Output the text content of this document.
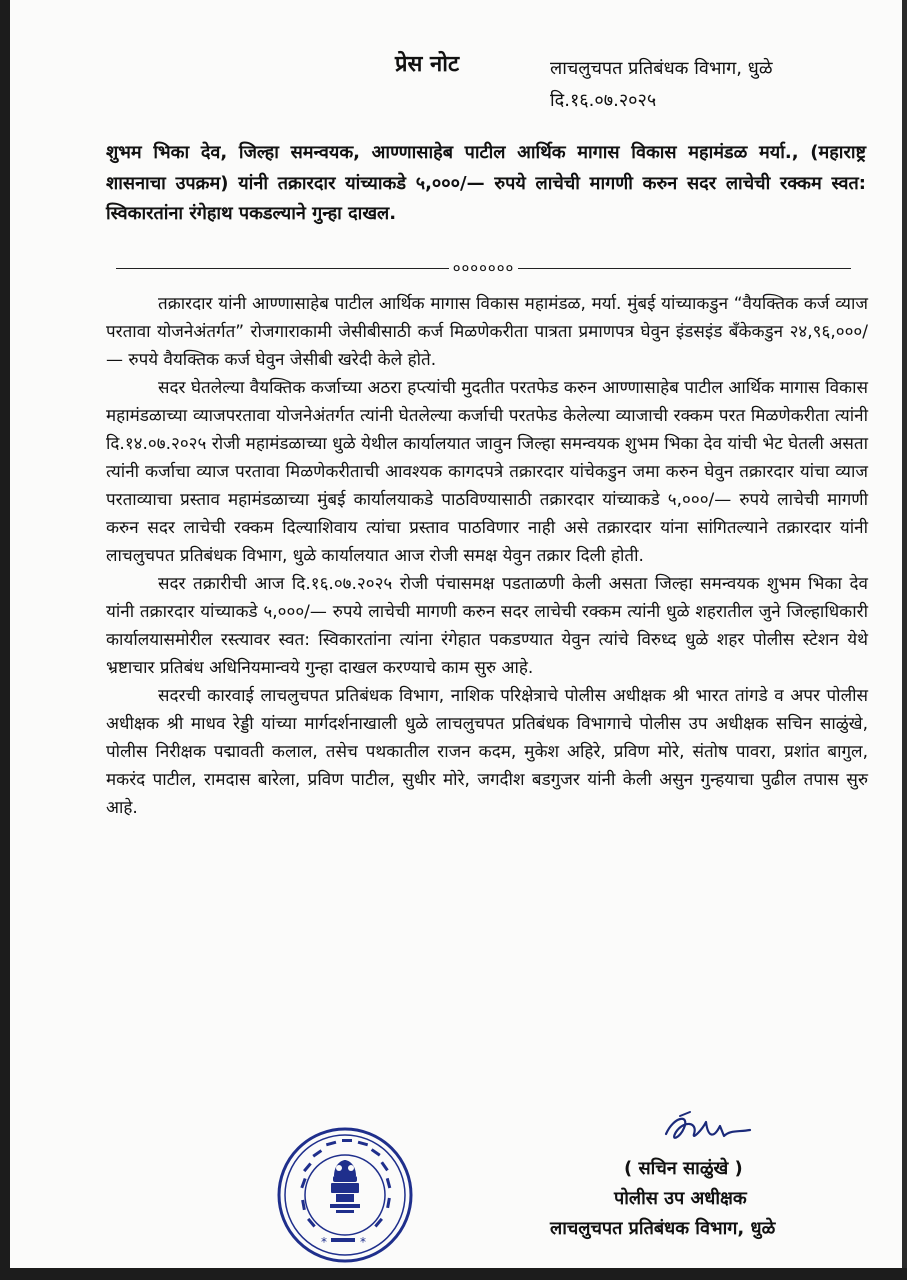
प्रेस नोट	लाचलुचपत प्रतिबंधक विभाग, धुळे
दि.१६.०७.२०२५
शुभम भिका देव, जिल्हा समन्वयक, आण्णासाहेब पाटील आर्थिक मागास विकास महामंडळ मर्या., (महाराष्ट्र शासनाचा उपक्रम) यांनी तक्रारदार यांच्याकडे ५,०००/— रुपये लाचेची मागणी करुन सदर लाचेची रक्कम स्वत: स्विकारतांना रंगेहाथ पकडल्याने गुन्हा दाखल.
०००००००

तक्रारदार यांनी आण्णासाहेब पाटील आर्थिक मागास विकास महामंडळ, मर्या. मुंबई यांच्याकडुन “वैयक्तिक कर्ज व्याज परतावा योजनेअंतर्गत” रोजगाराकामी जेसीबीसाठी कर्ज मिळणेकरीता पात्रता प्रमाणपत्र घेवुन इंडसइंड बॅंकेकडुन २४,९६,०००/— रुपये वैयक्तिक कर्ज घेवुन जेसीबी खरेदी केले होते.

सदर घेतलेल्या वैयक्तिक कर्जाच्या अठरा हप्त्यांची मुदतीत परतफेड करुन आण्णासाहेब पाटील आर्थिक मागास विकास महामंडळाच्या व्याजपरतावा योजनेअंतर्गत त्यांनी घेतलेल्या कर्जाची परतफेड केलेल्या व्याजाची रक्कम परत मिळणेकरीता त्यांनी दि.१४.०७.२०२५ रोजी महामंडळाच्या धुळे येथील कार्यालयात जावुन जिल्हा समन्वयक शुभम भिका देव यांची भेट घेतली असता त्यांनी कर्जाचा व्याज परतावा मिळणेकरीताची आवश्यक कागदपत्रे तक्रारदार यांचेकडुन जमा करुन घेवुन तक्रारदार यांचा व्याज परताव्याचा प्रस्ताव महामंडळाच्या मुंबई कार्यालयाकडे पाठविण्यासाठी तक्रारदार यांच्याकडे ५,०००/— रुपये लाचेची मागणी करुन सदर लाचेची रक्कम दिल्याशिवाय त्यांचा प्रस्ताव पाठविणार नाही असे तक्रारदार यांना सांगितल्याने तक्रारदार यांनी लाचलुचपत प्रतिबंधक विभाग, धुळे कार्यालयात आज रोजी समक्ष येवुन तक्रार दिली होती.

सदर तक्रारीची आज दि.१६.०७.२०२५ रोजी पंचासमक्ष पडताळणी केली असता जिल्हा समन्वयक शुभम भिका देव यांनी तक्रारदार यांच्याकडे ५,०००/— रुपये लाचेची मागणी करुन सदर लाचेची रक्कम त्यांनी धुळे शहरातील जुने जिल्हाधिकारी कार्यालयासमोरील रस्त्यावर स्वत: स्विकारतांना त्यांना रंगेहात पकडण्यात येवुन त्यांचे विरुध्द धुळे शहर पोलीस स्टेशन येथे भ्रष्टाचार प्रतिबंध अधिनियमान्वये गुन्हा दाखल करण्याचे काम सुरु आहे.

सदरची कारवाई लाचलुचपत प्रतिबंधक विभाग, नाशिक परिक्षेत्राचे पोलीस अधीक्षक श्री भारत तांगडे व अपर पोलीस अधीक्षक श्री माधव रेड्डी यांच्या मार्गदर्शनाखाली धुळे लाचलुचपत प्रतिबंधक विभागाचे पोलीस उप अधीक्षक सचिन साळुंखे, पोलीस निरीक्षक पद्मावती कलाल, तसेच पथकातील राजन कदम, मुकेश अहिरे, प्रविण मोरे, संतोष पावरा, प्रशांत बागुल, मकरंद पाटील, रामदास बारेला, प्रविण पाटील, सुधीर मोरे, जगदीश बडगुजर यांनी केली असुन गुन्हयाचा पुढील तपास सुरु आहे.

( सचिन साळुंखे )
पोलीस उप अधीक्षक
लाचलुचपत प्रतिबंधक विभाग, धुळे
*	*
